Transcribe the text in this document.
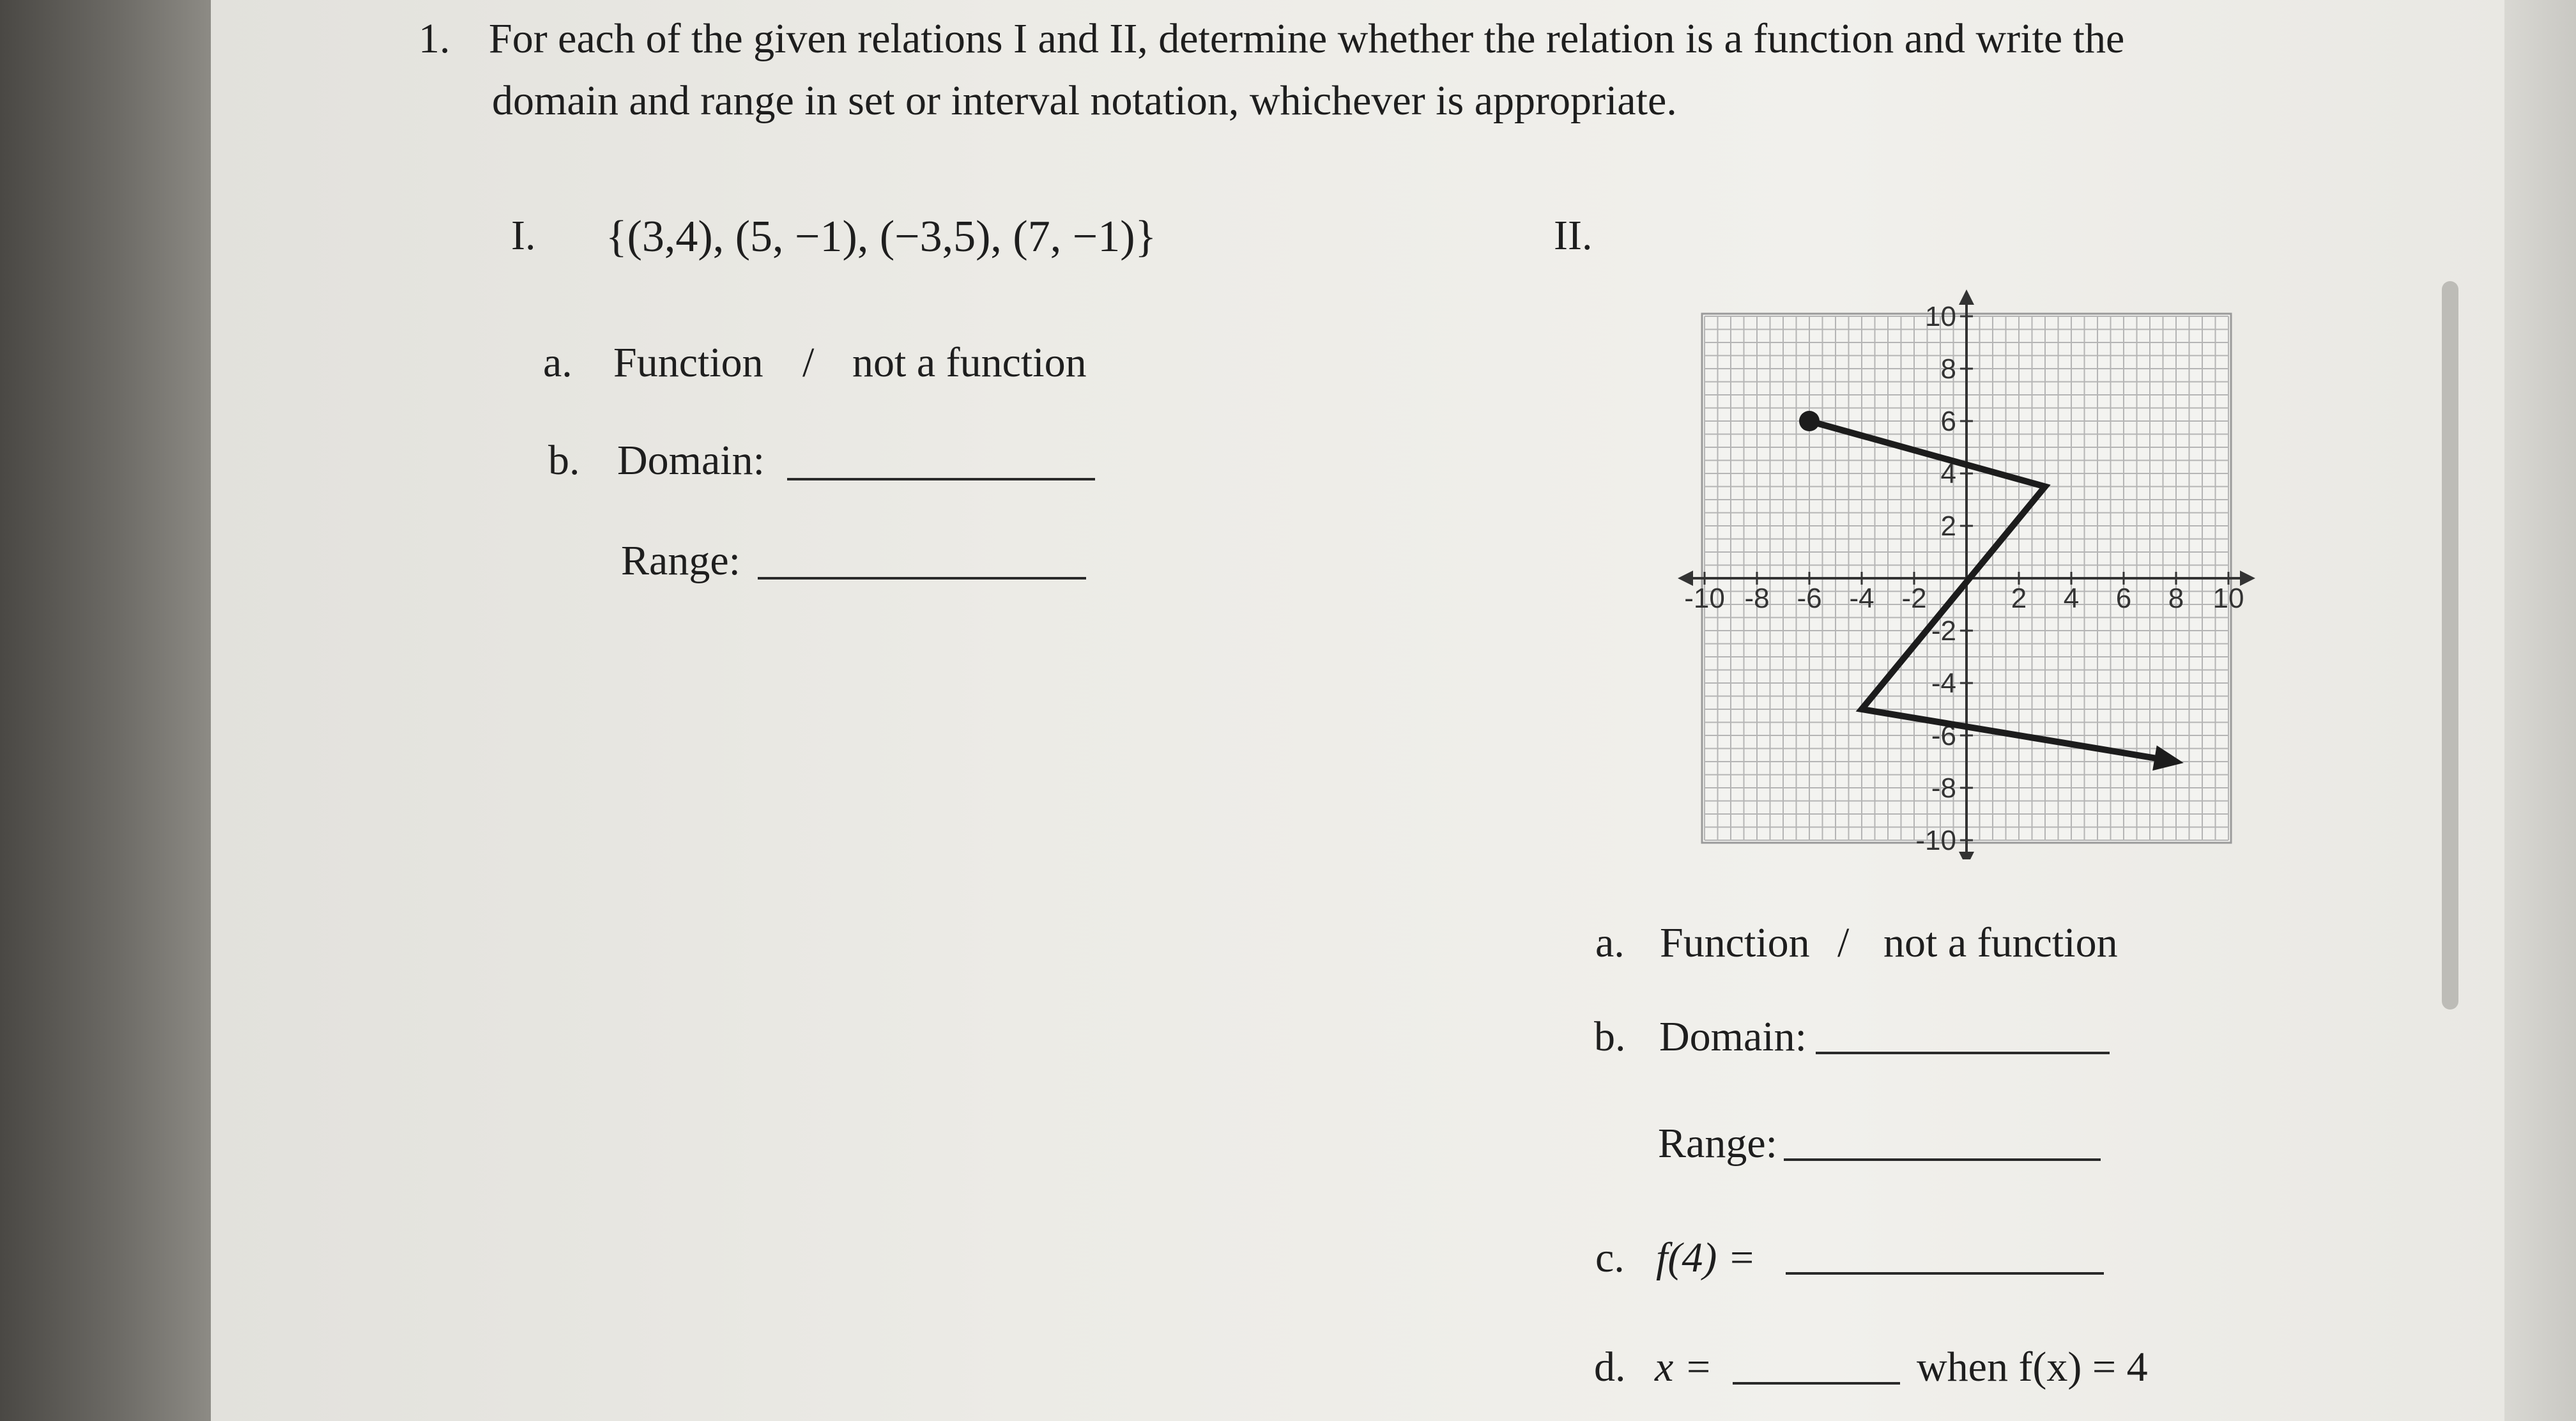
1. For each of the given relations I and II, determine whether the relation is a function and write the
domain and range in set or interval notation, whichever is appropriate.
I. {(3,4), (5, −1), (−3,5), (7, −1)}
a. Function / not a function
b. Domain:
Range:
II.
-10 -8 -6 -4 -2	2 4 6 8 10
10
8
6
4
2
-2
-4
-6
-8
-10
a. Function / not a function
b. Domain:
Range:
c. f(4) =
d. x =	when f(x) = 4
